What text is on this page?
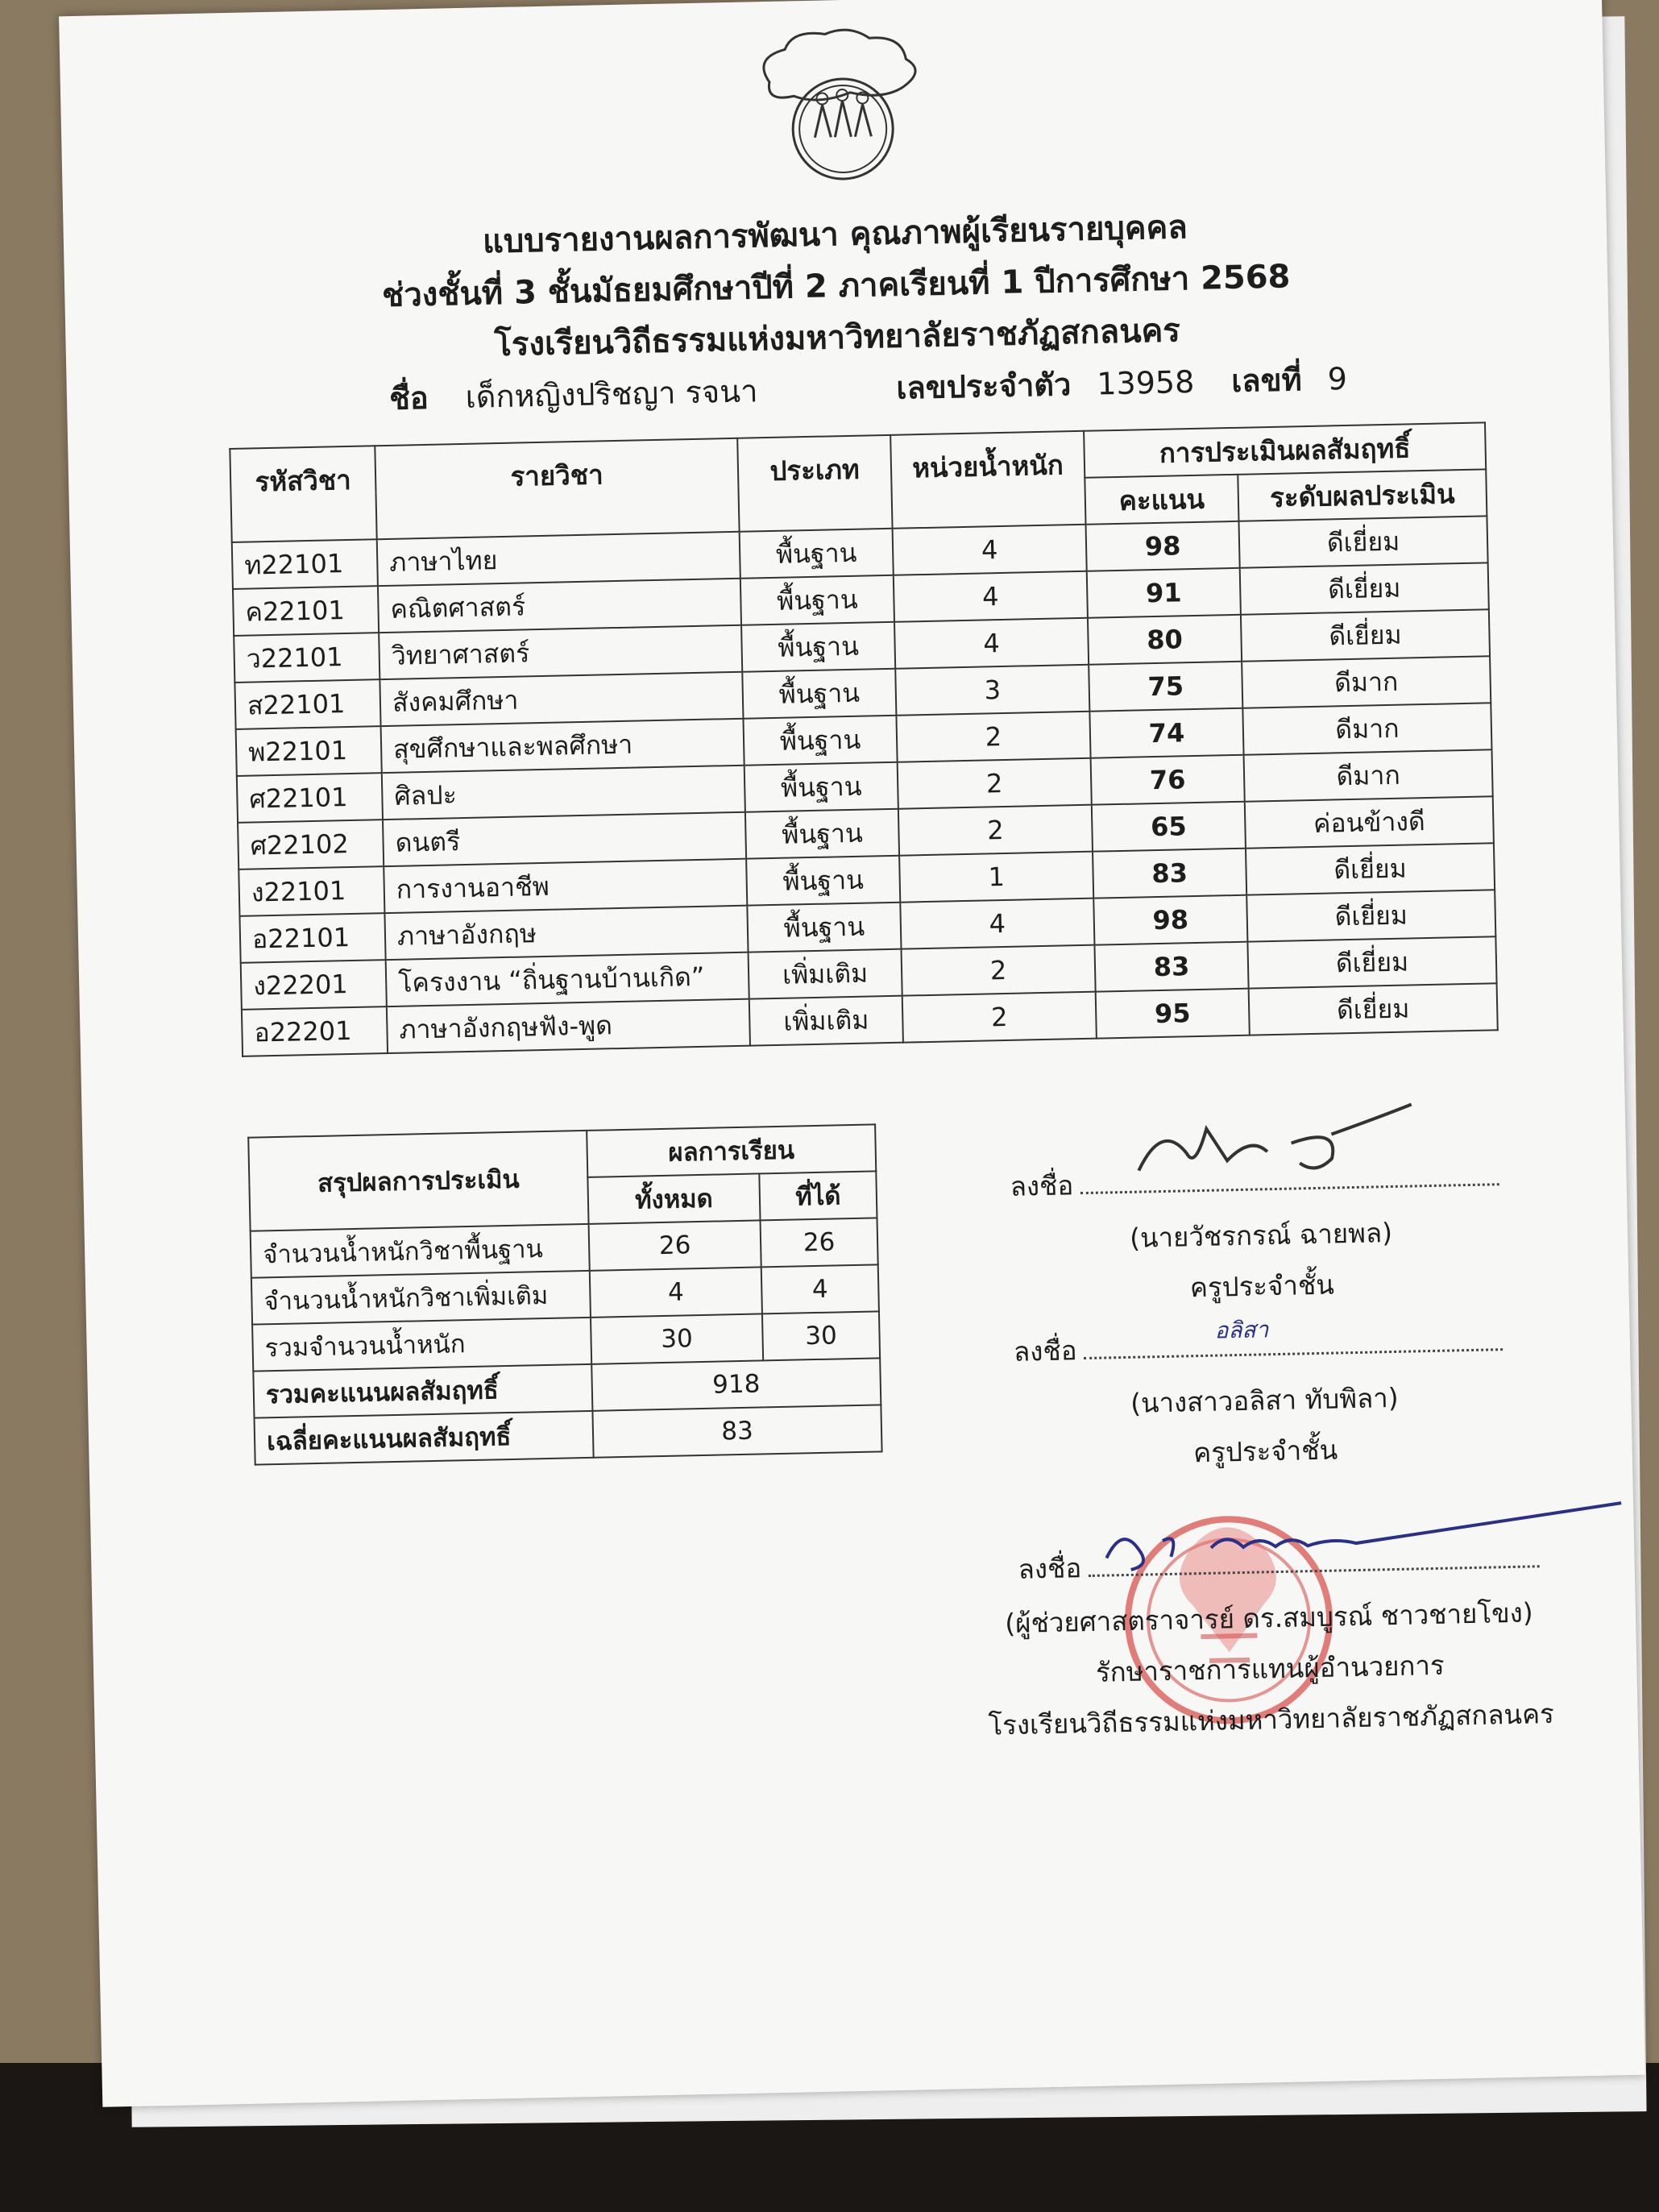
แบบรายงานผลการพัฒนา คุณภาพผู้เรียนรายบุคคล
ช่วงชั้นที่ 3 ชั้นมัธยมศึกษาปีที่ 2 ภาคเรียนที่ 1 ปีการศึกษา 2568
โรงเรียนวิถีธรรมแห่งมหาวิทยาลัยราชภัฏสกลนคร
ชื่อ เด็กหญิงปริชญา รจนา	เลขประจำตัว 13958 เลขที่ 9
รหัสวิชา	รายวิชา	ประเภท	หน่วยน้ำหนัก	การประเมินผลสัมฤทธิ์	
				คะแนน	ระดับผลประเมิน
ท22101	ภาษาไทย	พื้นฐาน	4	98	ดีเยี่ยม
ค22101	คณิตศาสตร์	พื้นฐาน	4	91	ดีเยี่ยม
ว22101	วิทยาศาสตร์	พื้นฐาน	4	80	ดีเยี่ยม
ส22101	สังคมศึกษา	พื้นฐาน	3	75	ดีมาก
พ22101	สุขศึกษาและพลศึกษา	พื้นฐาน	2	74	ดีมาก
ศ22101	ศิลปะ	พื้นฐาน	2	76	ดีมาก
ศ22102	ดนตรี	พื้นฐาน	2	65	ค่อนข้างดี
ง22101	การงานอาชีพ	พื้นฐาน	1	83	ดีเยี่ยม
อ22101	ภาษาอังกฤษ	พื้นฐาน	4	98	ดีเยี่ยม
ง22201	โครงงาน “ถิ่นฐานบ้านเกิด”	เพิ่มเติม	2	83	ดีเยี่ยม
อ22201	ภาษาอังกฤษฟัง-พูด	เพิ่มเติม	2	95	ดีเยี่ยม
สรุปผลการประเมิน	ผลการเรียน	
	ทั้งหมด	ที่ได้
จำนวนน้ำหนักวิชาพื้นฐาน	26	26
จำนวนน้ำหนักวิชาเพิ่มเติม	4	4
รวมจำนวนน้ำหนัก	30	30
รวมคะแนนผลสัมฤทธิ์	918	
เฉลี่ยคะแนนผลสัมฤทธิ์	83	
ลงชื่อ
(นายวัชรกรณ์ ฉายพล)
ครูประจำชั้น
ลงชื่อ
อลิสา
(นางสาวอลิสา ทับพิลา)
ครูประจำชั้น
ลงชื่อ
(ผู้ช่วยศาสตราจารย์ ดร.สมบูรณ์ ชาวชายโขง)
รักษาราชการแทนผู้อำนวยการ
โรงเรียนวิถีธรรมแห่งมหาวิทยาลัยราชภัฏสกลนคร
